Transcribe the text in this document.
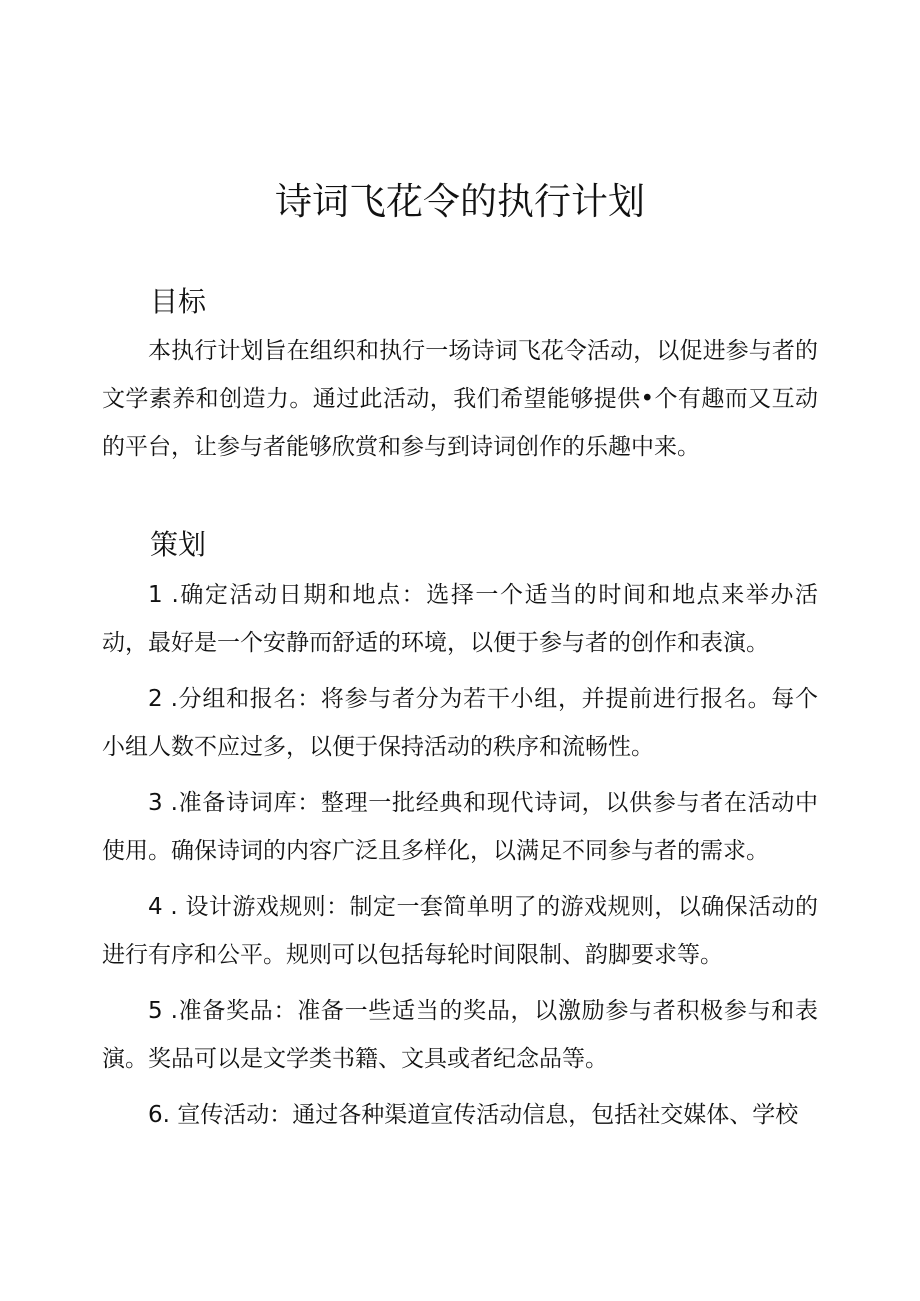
诗词飞花令的执行计划
目标

本执行计划旨在组织和执行一场诗词飞花令活动，以促进参与者的文学素养和创造力。通过此活动，我们希望能够提供•个有趣而又互动的平台，让参与者能够欣赏和参与到诗词创作的乐趣中来。

策划
1 .确定活动日期和地点：选择一个适当的时间和地点来举办活动，最好是一个安静而舒适的环境，以便于参与者的创作和表演。
2 .分组和报名：将参与者分为若干小组，并提前进行报名。每个小组人数不应过多，以便于保持活动的秩序和流畅性。
3 .准备诗词库：整理一批经典和现代诗词，以供参与者在活动中使用。确保诗词的内容广泛且多样化，以满足不同参与者的需求。
4 . 设计游戏规则：制定一套简单明了的游戏规则，以确保活动的进行有序和公平。规则可以包括每轮时间限制、韵脚要求等。
5 .准备奖品：准备一些适当的奖品，以激励参与者积极参与和表演。奖品可以是文学类书籍、文具或者纪念品等。
6. 宣传活动：通过各种渠道宣传活动信息，包括社交媒体、学校
